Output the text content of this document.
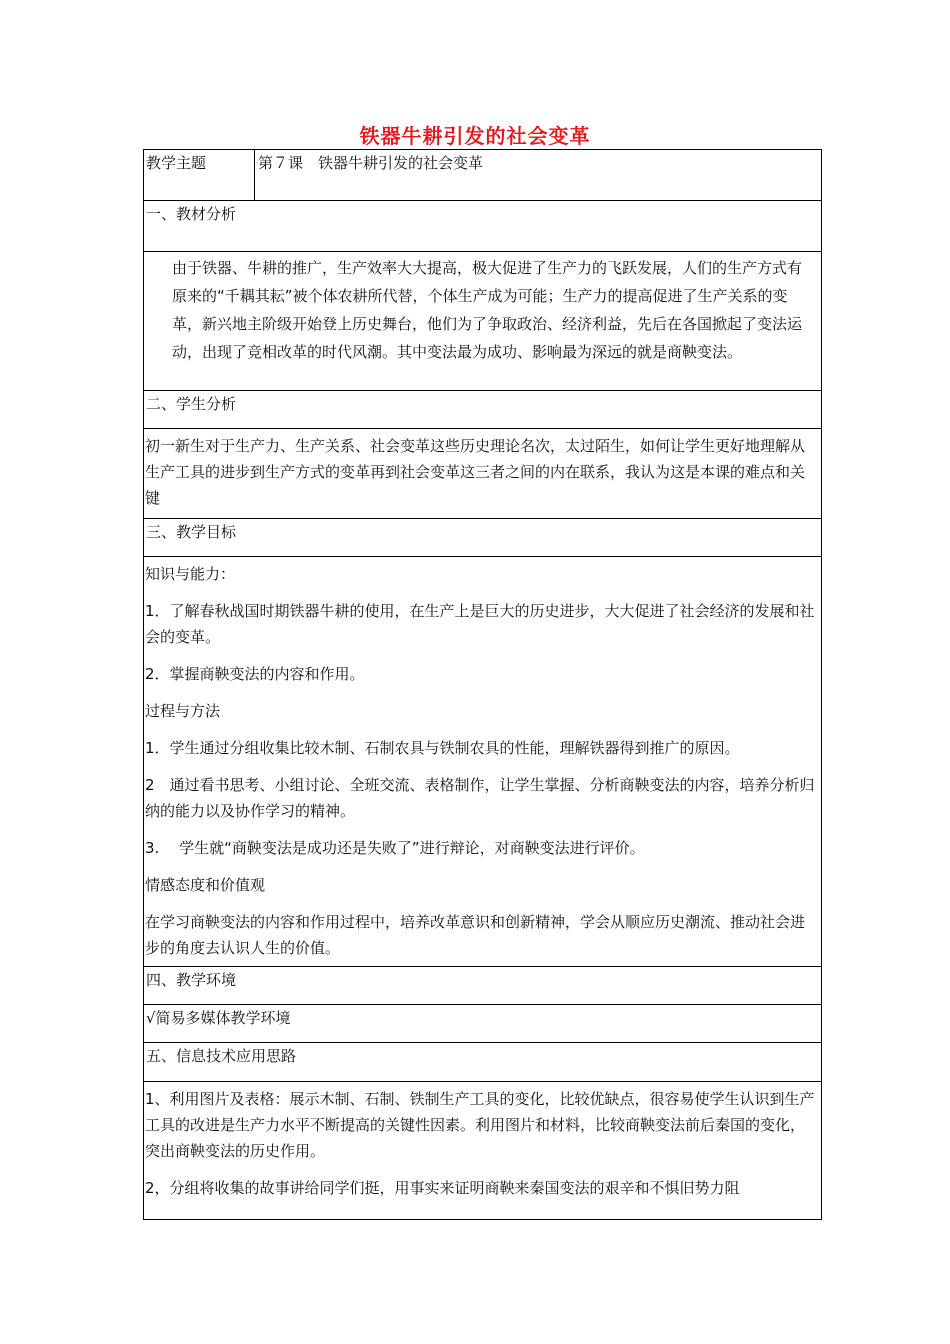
铁器牛耕引发的社会变革
教学主题	第７课　铁器牛耕引发的社会变革
一、教材分析
由于铁器、牛耕的推广，生产效率大大提高，极大促进了生产力的飞跃发展，人们的生产方式有原来的“千耦其耘”被个体农耕所代替，个体生产成为可能；生产力的提高促进了生产关系的变革，新兴地主阶级开始登上历史舞台，他们为了争取政治、经济利益，先后在各国掀起了变法运动，出现了竞相改革的时代风潮。其中变法最为成功、影响最为深远的就是商鞅变法。
二、学生分析
初一新生对于生产力、生产关系、社会变革这些历史理论名次，太过陌生，如何让学生更好地理解从生产工具的进步到生产方式的变革再到社会变革这三者之间的内在联系，我认为这是本课的难点和关键
三、教学目标

知识与能力：

1．了解春秋战国时期铁器牛耕的使用，在生产上是巨大的历史进步，大大促进了社会经济的发展和社会的变革。

2．掌握商鞅变法的内容和作用。

过程与方法

1．学生通过分组收集比较木制、石制农具与铁制农具的性能，理解铁器得到推广的原因。

2　通过看书思考、小组讨论、全班交流、表格制作，让学生掌握、分析商鞅变法的内容，培养分析归纳的能力以及协作学习的精神。

3.　 学生就“商鞅变法是成功还是失败了”进行辩论，对商鞅变法进行评价。

情感态度和价值观

在学习商鞅变法的内容和作用过程中，培养改革意识和创新精神，学会从顺应历史潮流、推动社会进步的角度去认识人生的价值。

四、教学环境
√简易多媒体教学环境
五、信息技术应用思路

1、利用图片及表格：展示木制、石制、铁制生产工具的变化，比较优缺点，很容易使学生认识到生产工具的改进是生产力水平不断提高的关键性因素。利用图片和材料，比较商鞅变法前后秦国的变化，突出商鞅变法的历史作用。

2，分组将收集的故事讲给同学们挺，用事实来证明商鞅来秦国变法的艰辛和不惧旧势力阻
